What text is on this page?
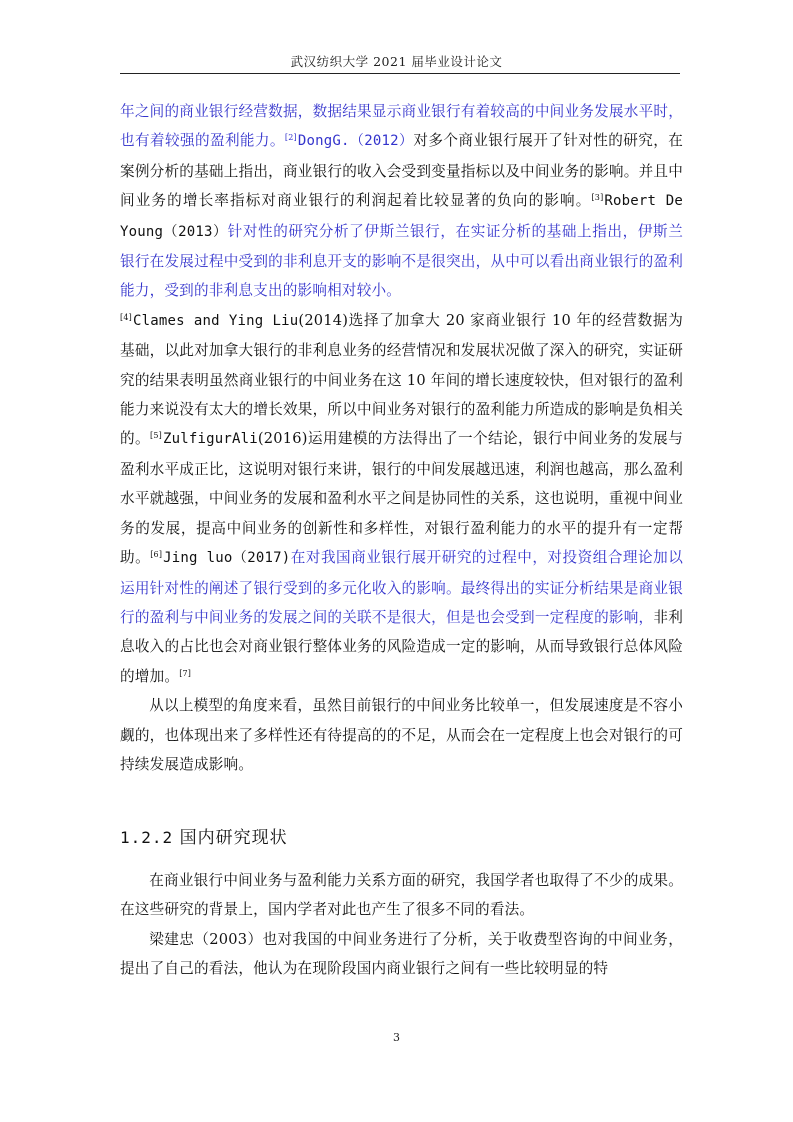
武汉纺织大学 2021 届毕业设计论文

年之间的商业银行经营数据，数据结果显示商业银行有着较高的中间业务发展水平时，也有着较强的盈利能力。[2]DongG.（2012）对多个商业银行展开了针对性的研究，在案例分析的基础上指出，商业银行的收入会受到变量指标以及中间业务的影响。并且中间业务的增长率指标对商业银行的利润起着比较显著的负向的影响。[3]Robert De Young（2013）针对性的研究分析了伊斯兰银行，在实证分析的基础上指出，伊斯兰银行在发展过程中受到的非利息开支的影响不是很突出，从中可以看出商业银行的盈利能力，受到的非利息支出的影响相对较小。

[4]Clames and Ying Liu(2014)选择了加拿大 20 家商业银行 10 年的经营数据为基础，以此对加拿大银行的非利息业务的经营情况和发展状况做了深入的研究，实证研究的结果表明虽然商业银行的中间业务在这 10 年间的增长速度较快，但对银行的盈利能力来说没有太大的增长效果，所以中间业务对银行的盈利能力所造成的影响是负相关的。[5]ZulfigurAli(2016)运用建模的方法得出了一个结论，银行中间业务的发展与盈利水平成正比，这说明对银行来讲，银行的中间发展越迅速，利润也越高，那么盈利水平就越强，中间业务的发展和盈利水平之间是协同性的关系，这也说明，重视中间业务的发展，提高中间业务的创新性和多样性，对银行盈利能力的水平的提升有一定帮助。[6]Jing luo（2017)在对我国商业银行展开研究的过程中，对投资组合理论加以运用针对性的阐述了银行受到的多元化收入的影响。最终得出的实证分析结果是商业银行的盈利与中间业务的发展之间的关联不是很大，但是也会受到一定程度的影响，非利息收入的占比也会对商业银行整体业务的风险造成一定的影响，从而导致银行总体风险的增加。[7]

从以上模型的角度来看，虽然目前银行的中间业务比较单一，但发展速度是不容小觑的，也体现出来了多样性还有待提高的的不足，从而会在一定程度上也会对银行的可持续发展造成影响。

1.2.2 国内研究现状

在商业银行中间业务与盈利能力关系方面的研究，我国学者也取得了不少的成果。在这些研究的背景上，国内学者对此也产生了很多不同的看法。

梁建忠（2003）也对我国的中间业务进行了分析，关于收费型咨询的中间业务，提出了自己的看法，他认为在现阶段国内商业银行之间有一些比较明显的特

3
